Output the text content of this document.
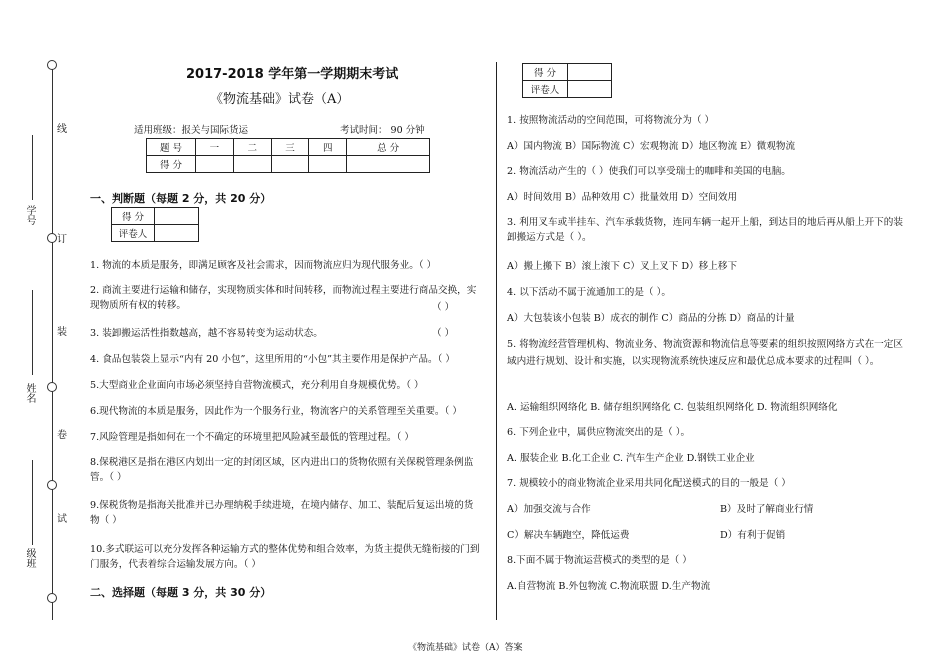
线
订
装
卷
试
学号
姓名
级班
2017-2018 学年第一学期期末考试
《物流基础》试卷（A）
适用班级：报关与国际货运	考试时间： 90 分钟
题 号	一	二	三	四	总 分
得 分					
一、判断题（每题 2 分，共 20 分）
得 分	
评卷人	
1. 物流的本质是服务，即满足顾客及社会需求，因而物流应归为现代服务业。（ ）
2. 商流主要进行运输和储存，实现物质实体和时间转移，而物流过程主要进行商品交换，实现物质所有权的转移。	（ ）
3. 装卸搬运活性指数越高，越不容易转变为运动状态。	（ ）
4. 食品包装袋上显示“内有 20 小包”，这里所用的“小包”其主要作用是保护产品。（ ）
5.大型商业企业面向市场必须坚持自营物流模式，充分利用自身规模优势。（ ）
6.现代物流的本质是服务，因此作为一个服务行业，物流客户的关系管理至关重要。（ ）
7.风险管理是指如何在一个不确定的环境里把风险减至最低的管理过程。（ ）
8.保税港区是指在港区内划出一定的封闭区域，区内进出口的货物依照有关保税管理条例监管。（ ）
9.保税货物是指海关批准并已办理纳税手续进境，在境内储存、加工、装配后复运出境的货物（ ）
10.多式联运可以充分发挥各种运输方式的整体优势和组合效率，为货主提供无缝衔接的门到门服务，代表着综合运输发展方向。（ ）
二、选择题（每题 3 分，共 30 分）
得 分	
评卷人	
1. 按照物流活动的空间范围，可将物流分为（ ）
A）国内物流 B）国际物流 C）宏观物流 D）地区物流 E）微观物流
2. 物流活动产生的（ ）使我们可以享受瑞士的咖啡和美国的电脑。
A）时间效用 B）品种效用 C）批量效用 D）空间效用
3. 利用叉车或半挂车、汽车承载货物，连同车辆一起开上船，到达目的地后再从船上开下的装卸搬运方式是（ ）。
A）搬上搬下 B）滚上滚下 C）叉上叉下 D）移上移下
4. 以下活动不属于流通加工的是（ ）。
A）大包装该小包装 B）成衣的制作 C）商品的分拣 D）商品的计量
5. 将物流经营管理机构、物流业务、物流资源和物流信息等要素的组织按照网络方式在一定区域内进行规划、设计和实施，以实现物流系统快速反应和最优总成本要求的过程叫（ ）。
A. 运输组织网络化 B. 储存组织网络化 C. 包装组织网络化 D. 物流组织网络化
6. 下列企业中，属供应物流突出的是（ ）。
A. 服装企业 B.化工企业 C. 汽车生产企业 D.钢铁工业企业
7. 规模较小的商业物流企业采用共同化配送模式的目的一般是（ ）
A）加强交流与合作	B）及时了解商业行情
C）解决车辆跑空，降低运费	D）有利于促销
8.下面不属于物流运营模式的类型的是（ ）
A.自营物流 B.外包物流 C.物流联盟 D.生产物流
《物流基础》试卷（A）答案
